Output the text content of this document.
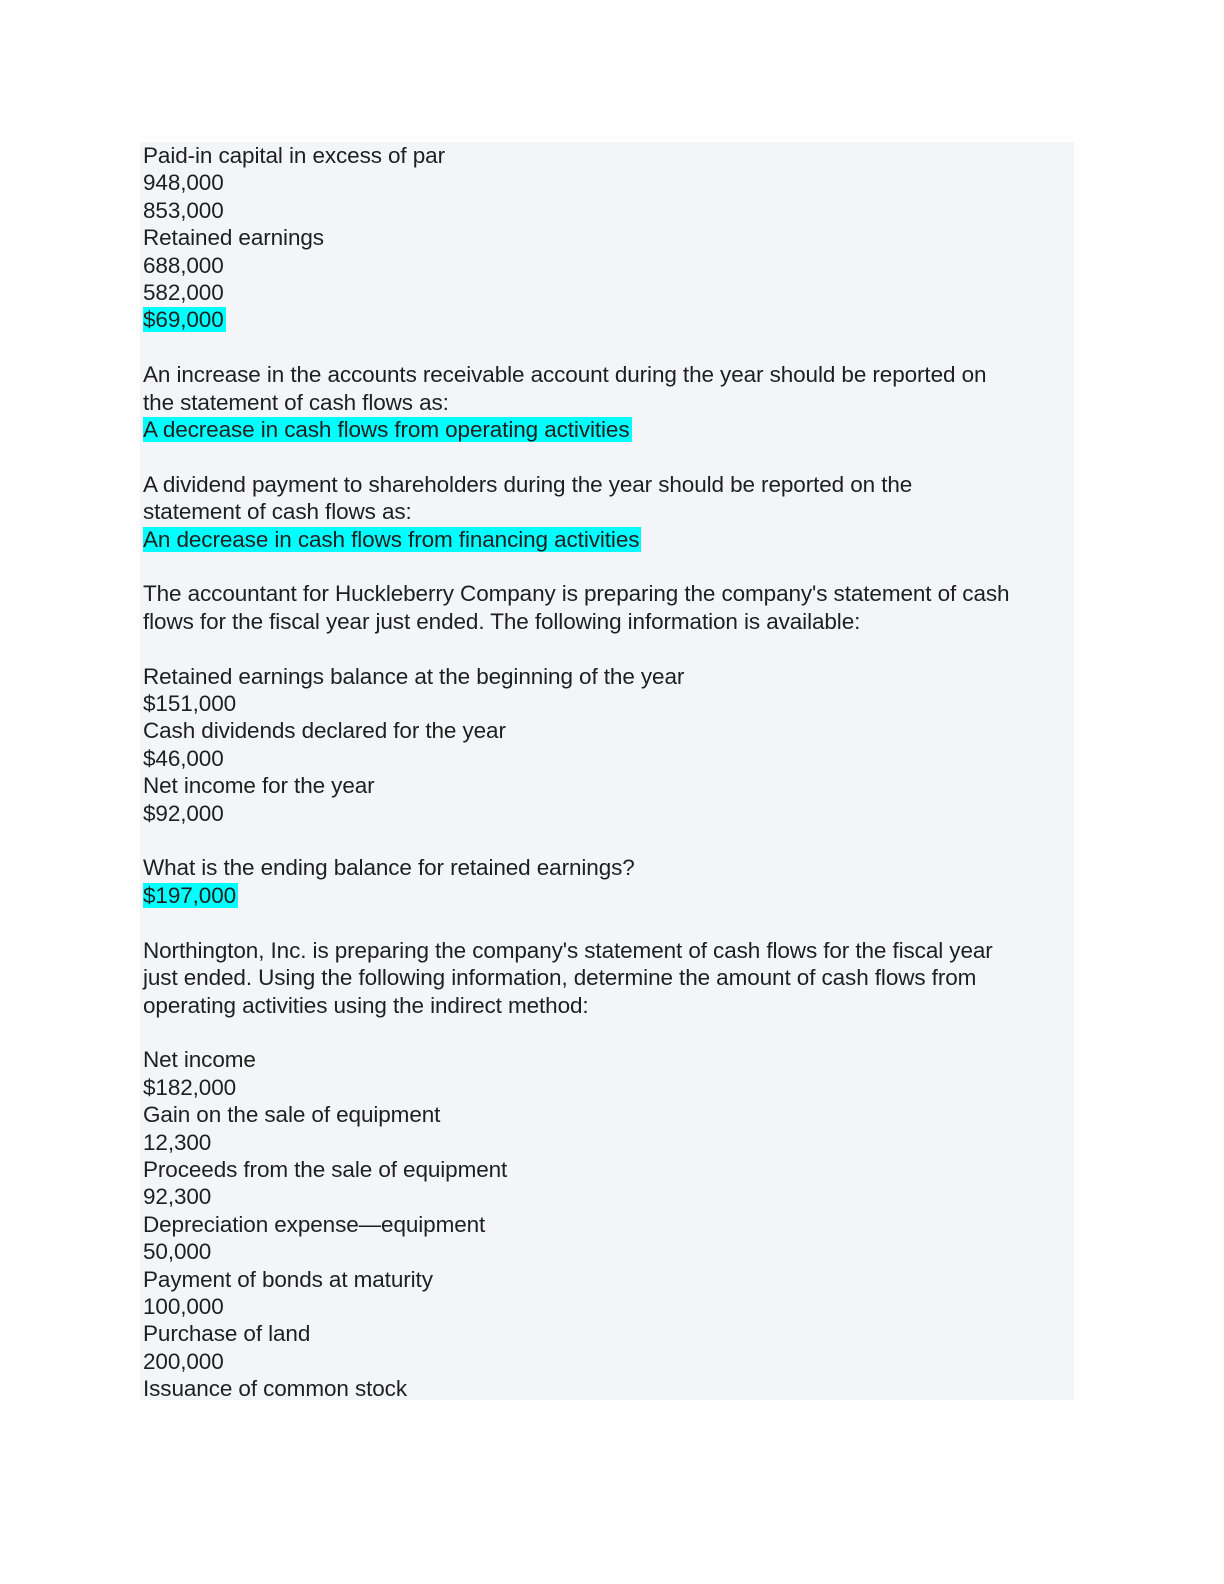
Paid-in capital in excess of par
948,000
853,000
Retained earnings
688,000
582,000
$69,000
An increase in the accounts receivable account during the year should be reported on
the statement of cash flows as:
A decrease in cash flows from operating activities
A dividend payment to shareholders during the year should be reported on the
statement of cash flows as:
An decrease in cash flows from financing activities
The accountant for Huckleberry Company is preparing the company's statement of cash
flows for the fiscal year just ended. The following information is available:
Retained earnings balance at the beginning of the year
$151,000
Cash dividends declared for the year
$46,000
Net income for the year
$92,000
What is the ending balance for retained earnings?
$197,000
Northington, Inc. is preparing the company's statement of cash flows for the fiscal year
just ended. Using the following information, determine the amount of cash flows from
operating activities using the indirect method:
Net income
$182,000
Gain on the sale of equipment
12,300
Proceeds from the sale of equipment
92,300
Depreciation expense—equipment
50,000
Payment of bonds at maturity
100,000
Purchase of land
200,000
Issuance of common stock
